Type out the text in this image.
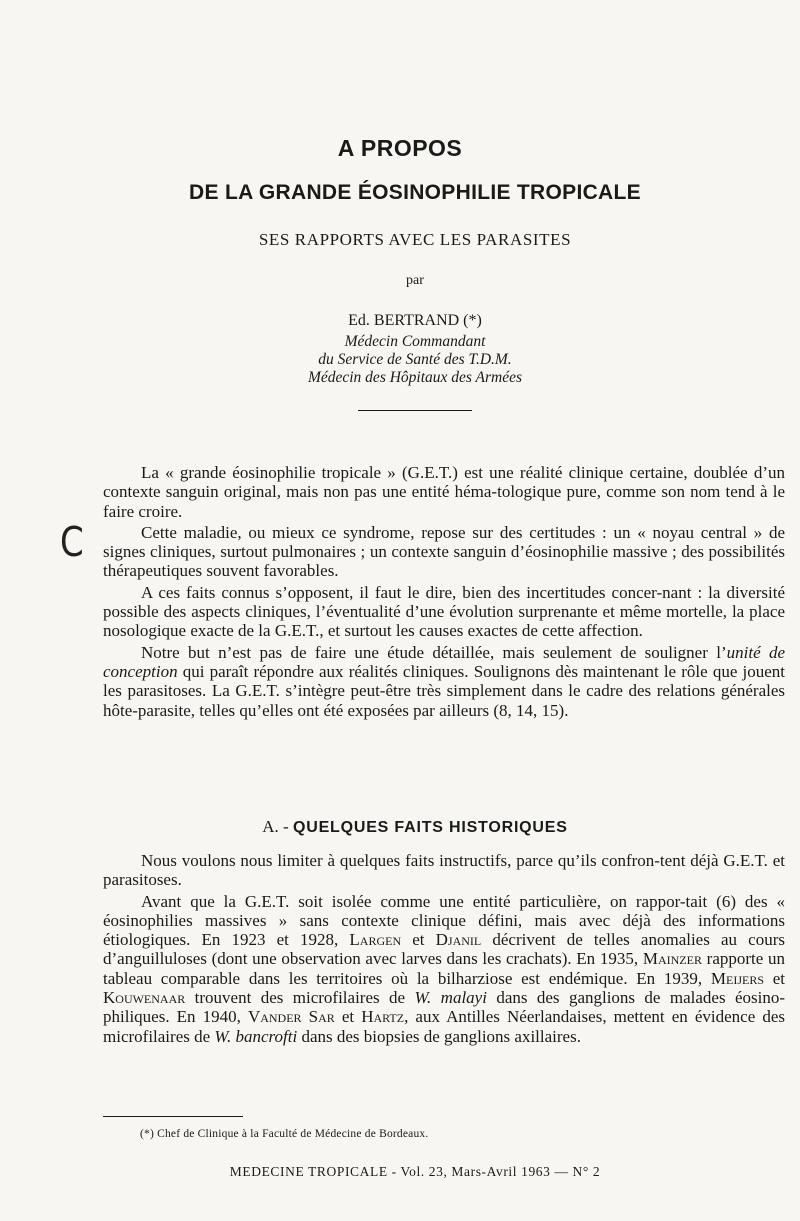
A PROPOS
DE LA GRANDE ÉOSINOPHILIE TROPICALE
SES RAPPORTS AVEC LES PARASITES
par
Ed. BERTRAND (*)
Médecin Commandant
du Service de Santé des T.D.M.
Médecin des Hôpitaux des Armées
C

La « grande éosinophilie tropicale » (G.E.T.) est une réalité clinique certaine, doublée d’un contexte sanguin original, mais non pas une entité héma-tologique pure, comme son nom tend à le faire croire.

Cette maladie, ou mieux ce syndrome, repose sur des certitudes : un « noyau central » de signes cliniques, surtout pulmonaires ; un contexte sanguin d’éosinophilie massive ; des possibilités thérapeutiques souvent favorables.

A ces faits connus s’opposent, il faut le dire, bien des incertitudes concer-nant : la diversité possible des aspects cliniques, l’éventualité d’une évolution surprenante et même mortelle, la place nosologique exacte de la G.E.T., et surtout les causes exactes de cette affection.

Notre but n’est pas de faire une étude détaillée, mais seulement de souligner l’unité de conception qui paraît répondre aux réalités cliniques. Soulignons dès maintenant le rôle que jouent les parasitoses. La G.E.T. s’intègre peut-être très simplement dans le cadre des relations générales hôte-parasite, telles qu’elles ont été exposées par ailleurs (8, 14, 15).

A. - QUELQUES FAITS HISTORIQUES

Nous voulons nous limiter à quelques faits instructifs, parce qu’ils confron-tent déjà G.E.T. et parasitoses.

Avant que la G.E.T. soit isolée comme une entité particulière, on rappor-tait (6) des « éosinophilies massives » sans contexte clinique défini, mais avec déjà des informations étiologiques. En 1923 et 1928, Largen et Djanil décrivent de telles anomalies au cours d’anguilluloses (dont une observation avec larves dans les crachats). En 1935, Mainzer rapporte un tableau comparable dans les territoires où la bilharziose est endémique. En 1939, Meijers et Kouwenaar trouvent des microfilaires de W. malayi dans des ganglions de malades éosino-philiques. En 1940, Vander Sar et Hartz, aux Antilles Néerlandaises, mettent en évidence des microfilaires de W. bancrofti dans des biopsies de ganglions axillaires.

(*) Chef de Clinique à la Faculté de Médecine de Bordeaux.
MEDECINE TROPICALE - Vol. 23, Mars-Avril 1963 — N° 2
